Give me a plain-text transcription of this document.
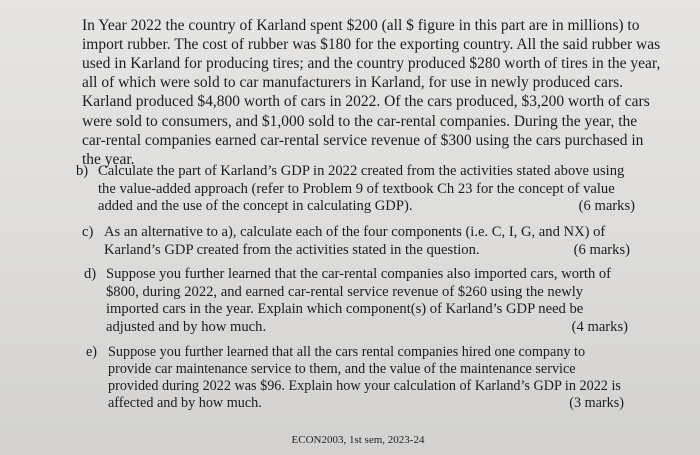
In Year 2022 the country of Karland spent $200 (all $ figure in this part are in millions) to import rubber. The cost of rubber was $180 for the exporting country. All the said rubber was used in Karland for producing tires; and the country produced $280 worth of tires in the year, all of which were sold to car manufacturers in Karland, for use in newly produced cars. Karland produced $4,800 worth of cars in 2022. Of the cars produced, $3,200 worth of cars were sold to consumers, and $1,000 sold to the car-rental companies. During the year, the car-rental companies earned car-rental service revenue of $300 using the cars purchased in the year.

b) Calculate the part of Karland’s GDP in 2022 created from the activities stated above using the value-added approach (refer to Problem 9 of textbook Ch 23 for the concept of value added and the use of the concept in calculating GDP).	(6 marks)
c) As an alternative to a), calculate each of the four components (i.e. C, I, G, and NX) of Karland’s GDP created from the activities stated in the question.	(6 marks)
d) Suppose you further learned that the car-rental companies also imported cars, worth of $800, during 2022, and earned car-rental service revenue of $260 using the newly imported cars in the year. Explain which component(s) of Karland’s GDP need be adjusted and by how much.	(4 marks)
e) Suppose you further learned that all the cars rental companies hired one company to provide car maintenance service to them, and the value of the maintenance service provided during 2022 was $96. Explain how your calculation of Karland’s GDP in 2022 is affected and by how much.	(3 marks)
ECON2003, 1st sem, 2023-24
